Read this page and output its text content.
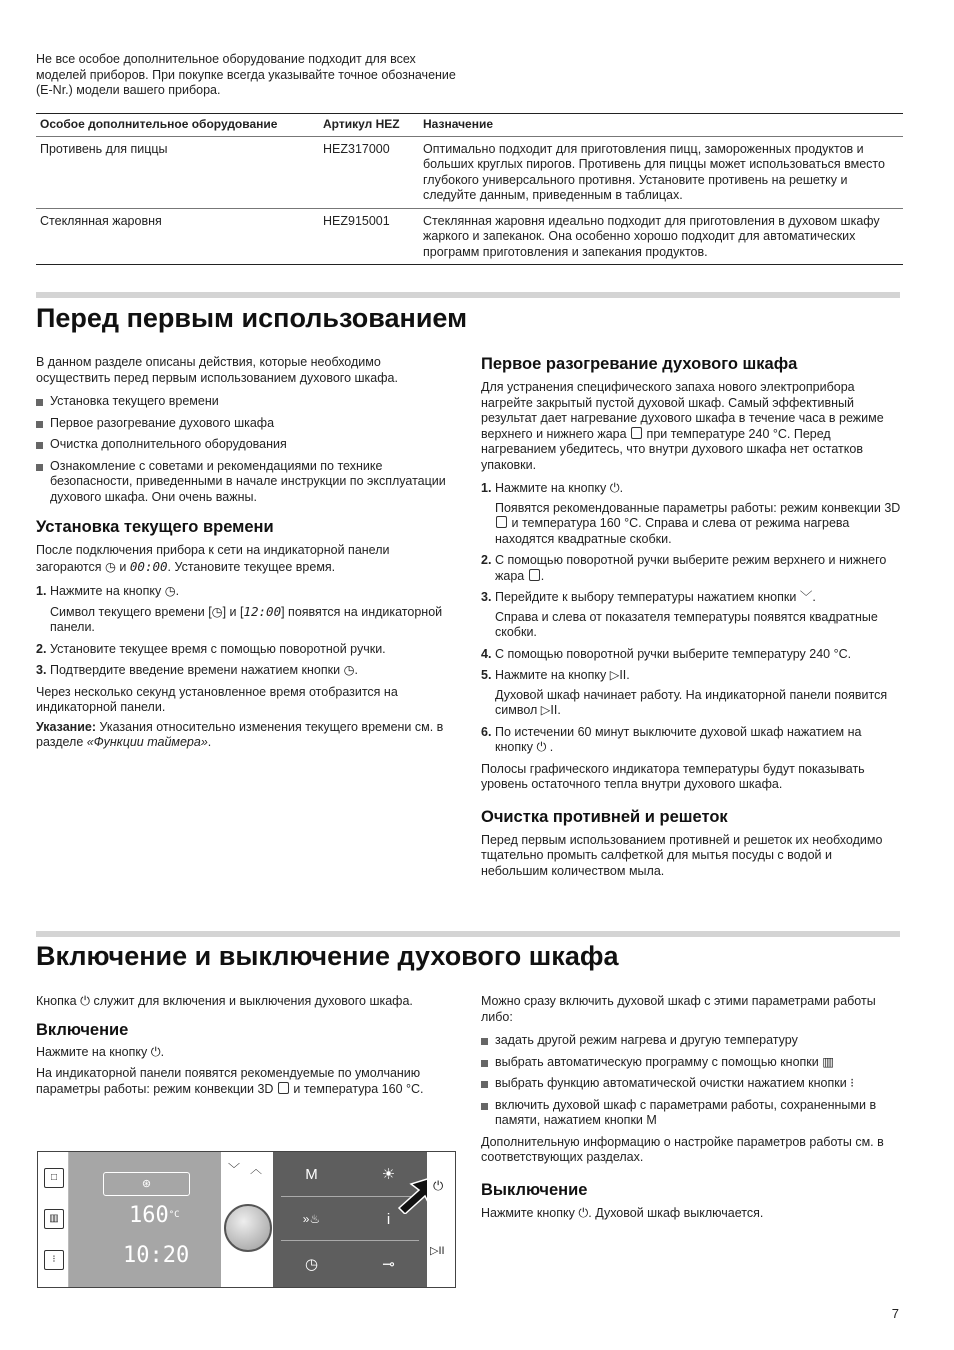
Не все особое дополнительное оборудование подходит для всех моделей приборов. При покупке всегда указывайте точное обозначение (E-Nr.) модели вашего прибора.

Особое дополнительное оборудование	Артикул HEZ	Назначение
Противень для пиццы	HEZ317000	Оптимально подходит для приготовления пицц, замороженных продуктов и больших круглых пирогов. Противень для пиццы может использоваться вместо глубокого универсального противня. Установите противень на решетку и следуйте данным, приведенным в таблицах.
Стеклянная жаровня	HEZ915001	Стеклянная жаровня идеально подходит для приготовления в духовом шкафу жаркого и запеканок. Она особенно хорошо подходит для автоматических программ приготовления и запекания продуктов.
Перед первым использованием

В данном разделе описаны действия, которые необходимо осуществить перед первым использованием духового шкафа.

Установка текущего времени
Первое разогревание духового шкафа
Очистка дополнительного оборудования
Ознакомление с советами и рекомендациями по технике безопасности, приведенными в начале инструкции по эксплуатации духового шкафа. Они очень важны.
Установка текущего времени

После подключения прибора к сети на индикаторной панели загораются ◷ и 00:00. Установите текущее время.

1. Нажмите на кнопку ◷.
Символ текущего времени [◷] и [12:00] появятся на индикаторной панели.
2. Установите текущее время с помощью поворотной ручки.
3. Подтвердите введение времени нажатием кнопки ◷.

Через несколько секунд установленное время отобразится на индикаторной панели.

Указание: Указания относительно изменения текущего времени см. в разделе «Функции таймера».

Первое разогревание духового шкафа

Для устранения специфического запаха нового электроприбора нагрейте закрытый пустой духовой шкаф. Самый эффективный результат дает нагревание духового шкафа в течение часа в режиме верхнего и нижнего жара при температуре 240 °C. Перед нагреванием убедитесь, что внутри духового шкафа нет остатков упаковки.

1. Нажмите на кнопку ⏻.
Появятся рекомендованные параметры работы: режим конвекции 3D  и температура 160 °C. Справа и слева от режима нагрева находятся квадратные скобки.
2. С помощью поворотной ручки выберите режим верхнего и нижнего жара .
3. Перейдите к выбору температуры нажатием кнопки ﹀.
Справа и слева от показателя температуры появятся квадратные скобки.
4. С помощью поворотной ручки выберите температуру 240 °C.
5. Нажмите на кнопку ▷II.
Духовой шкаф начинает работу. На индикаторной панели появится символ ▷II.
6. По истечении 60 минут выключите духовой шкаф нажатием на кнопку ⏻ .

Полосы графического индикатора температуры будут показывать уровень остаточного тепла внутри духового шкафа.

Очистка противней и решеток

Перед первым использованием противней и решеток их необходимо тщательно промыть салфеткой для мытья посуды с водой и небольшим количеством мыла.

Включение и выключение духового шкафа

Кнопка ⏻ служит для включения и выключения духового шкафа.

Включение

Нажмите на кнопку ⏻.

На индикаторной панели появятся рекомендуемые по умолчанию параметры работы: режим конвекции 3D и температура 160 °C.

Можно сразу включить духовой шкаф с этими параметрами работы либо:

задать другой режим нагрева и другую температуру
выбрать автоматическую программу с помощью кнопки ▥
выбрать функцию автоматической очистки нажатием кнопки ⁝
включить духовой шкаф с параметрами работы, сохраненными в памяти, нажатием кнопки M

Дополнительную информацию о настройке параметров работы см. в соответствующих разделах.

Выключение

Нажмите кнопку ⏻. Духовой шкаф выключается.

□
▥
⁝
⊛
$160^{^\circ C}$
10:20
﹀ ︿	M	☀
»♨	i
◷	⊸
⏻
▷II
7
